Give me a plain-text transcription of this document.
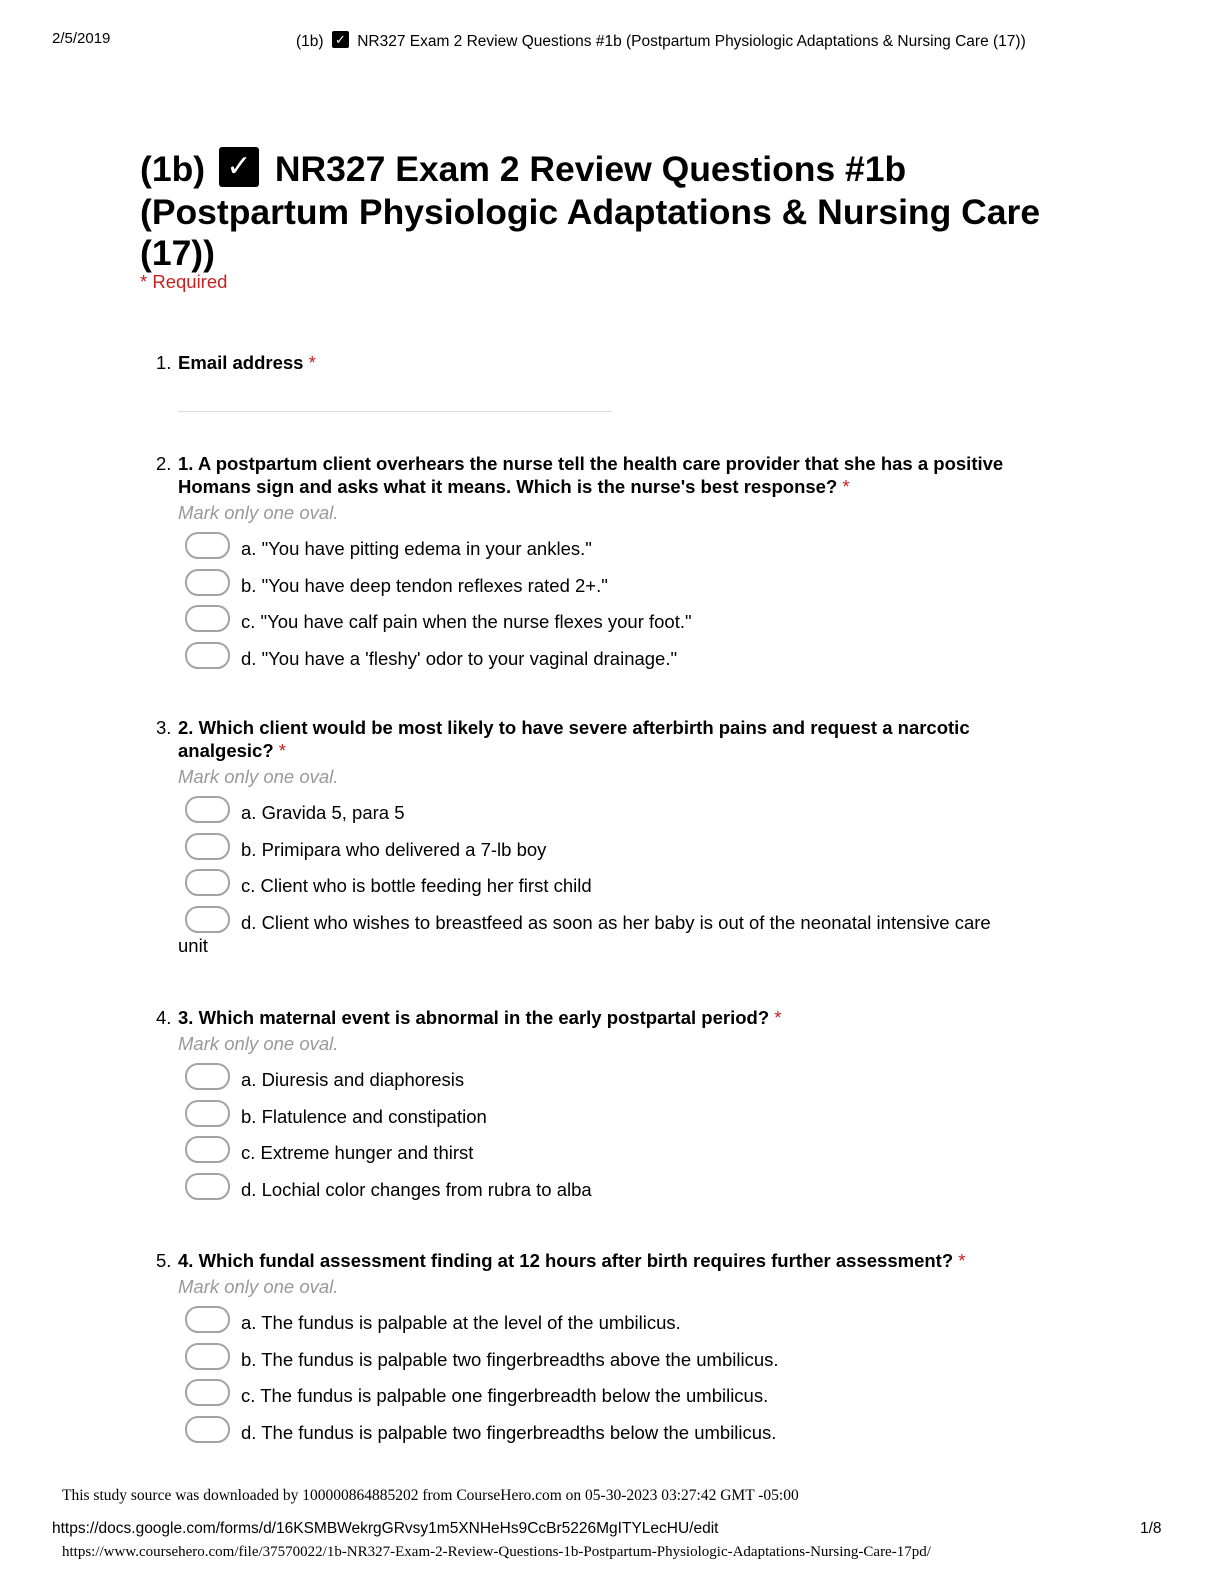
2/5/2019	(1b) ✓ NR327 Exam 2 Review Questions #1b (Postpartum Physiologic Adaptations & Nursing Care (17))
(1b) ✓ NR327 Exam 2 Review Questions #1b (Postpartum Physiologic Adaptations & Nursing Care (17))
* Required
1. Email address *
2. 1. A postpartum client overhears the nurse tell the health care provider that she has a positive Homans sign and asks what it means. Which is the nurse's best response? *
Mark only one oval.
a. "You have pitting edema in your ankles."
b. "You have deep tendon reflexes rated 2+."
c. "You have calf pain when the nurse flexes your foot."
d. "You have a 'fleshy' odor to your vaginal drainage."
3. 2. Which client would be most likely to have severe afterbirth pains and request a narcotic analgesic? *
Mark only one oval.
a. Gravida 5, para 5
b. Primipara who delivered a 7-lb boy
c. Client who is bottle feeding her first child
d. Client who wishes to breastfeed as soon as her baby is out of the neonatal intensive care
unit
4. 3. Which maternal event is abnormal in the early postpartal period? *
Mark only one oval.
a. Diuresis and diaphoresis
b. Flatulence and constipation
c. Extreme hunger and thirst
d. Lochial color changes from rubra to alba
5. 4. Which fundal assessment finding at 12 hours after birth requires further assessment? *
Mark only one oval.
a. The fundus is palpable at the level of the umbilicus.
b. The fundus is palpable two fingerbreadths above the umbilicus.
c. The fundus is palpable one fingerbreadth below the umbilicus.
d. The fundus is palpable two fingerbreadths below the umbilicus.
This study source was downloaded by 100000864885202 from CourseHero.com on 05-30-2023 03:27:42 GMT -05:00
https://docs.google.com/forms/d/16KSMBWekrgGRvsy1m5XNHeHs9CcBr5226MgITYLecHU/edit	1/8
https://www.coursehero.com/file/37570022/1b-NR327-Exam-2-Review-Questions-1b-Postpartum-Physiologic-Adaptations-Nursing-Care-17pd/
